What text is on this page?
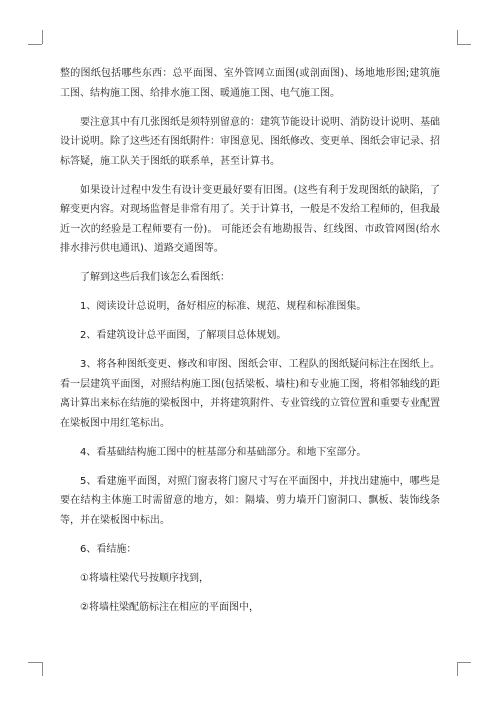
整的图纸包括哪些东西：总平面图、室外管网立面图(或剖面图)、场地地形图;建筑施工图、结构施工图、给排水施工图、暖通施工图、电气施工图。

要注意其中有几张图纸是须特别留意的：建筑节能设计说明、消防设计说明、基础设计说明。除了这些还有图纸附件：审图意见、图纸修改、变更单、图纸会审记录、招标答疑，施工队关于图纸的联系单，甚至计算书。

如果设计过程中发生有设计变更最好要有旧图。(这些有利于发现图纸的缺陷，了解变更内容。对现场监督是非常有用了。关于计算书，一般是不发给工程师的，但我最近一次的经验是工程师要有一份)。 可能还会有地勘报告、红线图、市政管网图(给水排水排污供电通讯)、道路交通图等。

了解到这些后我们该怎么看图纸：

1、阅读设计总说明，备好相应的标准、规范、规程和标准图集。

2、看建筑设计总平面图，了解项目总体规划。

3、将各种图纸变更、修改和审图、图纸会审、工程队的图纸疑问标注在图纸上。看一层建筑平面图，对照结构施工图(包括梁板、墙柱)和专业施工图，将相邻轴线的距离计算出来标在结施的梁板图中，并将建筑附件、专业管线的立管位置和重要专业配置在梁板图中用红笔标出。

4、看基础结构施工图中的桩基部分和基础部分。和地下室部分。

5、看建施平面图，对照门窗表将门窗尺寸写在平面图中，并找出建施中，哪些是要在结构主体施工时需留意的地方，如：隔墙、剪力墙开门窗洞口、飘板、装饰线条等，并在梁板图中标出。

6、看结施：

①将墙柱梁代号按顺序找到，

②将墙柱梁配筋标注在相应的平面图中，
